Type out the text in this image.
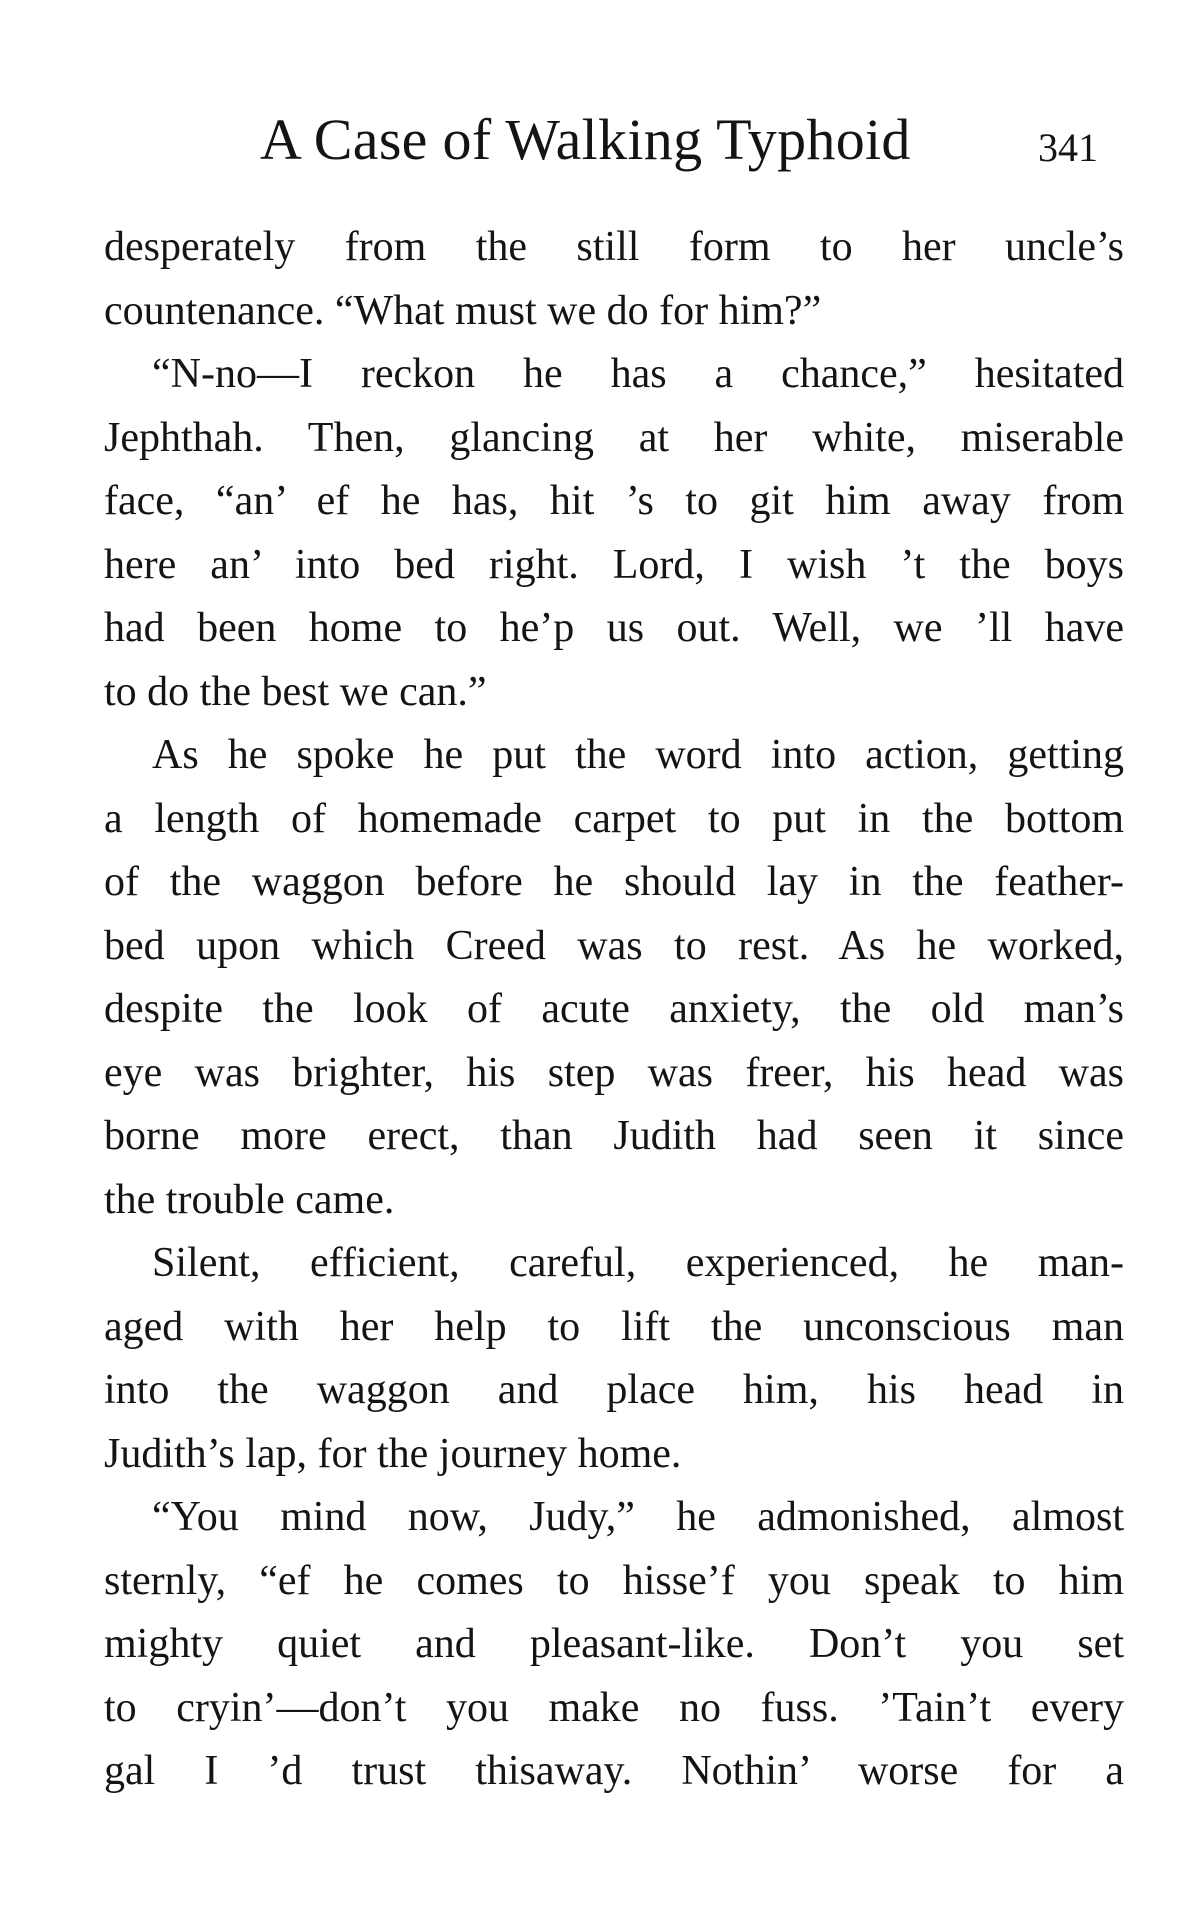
A Case of Walking Typhoid	341
desperately from the still form to her uncle’s
countenance. “What must we do for him?”
“N-no—I reckon he has a chance,” hesitated
Jephthah. Then, glancing at her white, miserable
face, “an’ ef he has, hit ’s to git him away from
here an’ into bed right. Lord, I wish ’t the boys
had been home to he’p us out. Well, we ’ll have
to do the best we can.”
As he spoke he put the word into action, getting
a length of homemade carpet to put in the bottom
of the waggon before he should lay in the feather-
bed upon which Creed was to rest. As he worked,
despite the look of acute anxiety, the old man’s
eye was brighter, his step was freer, his head was
borne more erect, than Judith had seen it since
the trouble came.
Silent, efficient, careful, experienced, he man-
aged with her help to lift the unconscious man
into the waggon and place him, his head in
Judith’s lap, for the journey home.
“You mind now, Judy,” he admonished, almost
sternly, “ef he comes to hisse’f you speak to him
mighty quiet and pleasant-like. Don’t you set
to cryin’—don’t you make no fuss. ’Tain’t every
gal I ’d trust thisaway. Nothin’ worse for a
